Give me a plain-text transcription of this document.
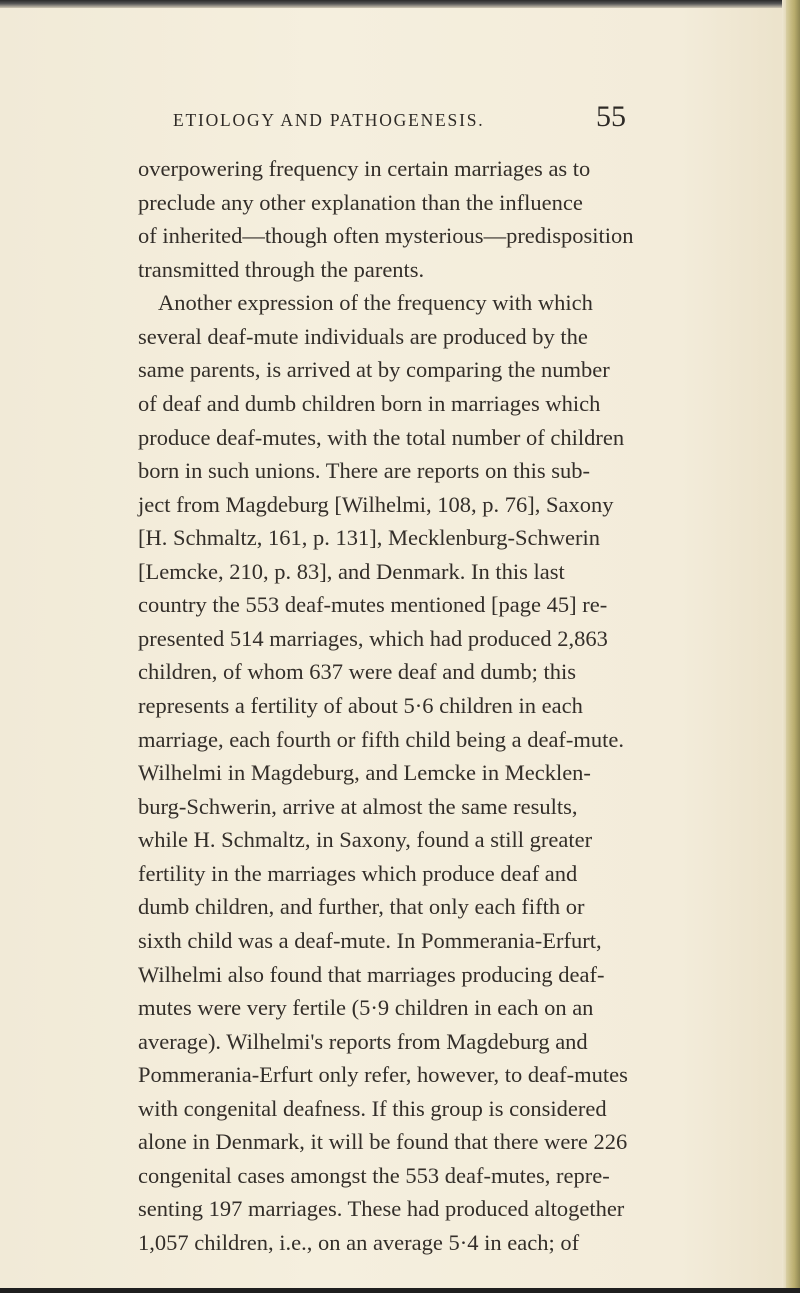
ETIOLOGY AND PATHOGENESIS.	55
overpowering frequency in certain marriages as to
preclude any other explanation than the influence
of inherited—though often mysterious—predisposition
transmitted through the parents.
Another expression of the frequency with which
several deaf-mute individuals are produced by the
same parents, is arrived at by comparing the number
of deaf and dumb children born in marriages which
produce deaf-mutes, with the total number of children
born in such unions. There are reports on this sub-
ject from Magdeburg [Wilhelmi, 108, p. 76], Saxony
[H. Schmaltz, 161, p. 131], Mecklenburg-Schwerin
[Lemcke, 210, p. 83], and Denmark. In this last
country the 553 deaf-mutes mentioned [page 45] re-
presented 514 marriages, which had produced 2,863
children, of whom 637 were deaf and dumb; this
represents a fertility of about 5·6 children in each
marriage, each fourth or fifth child being a deaf-mute.
Wilhelmi in Magdeburg, and Lemcke in Mecklen-
burg-Schwerin, arrive at almost the same results,
while H. Schmaltz, in Saxony, found a still greater
fertility in the marriages which produce deaf and
dumb children, and further, that only each fifth or
sixth child was a deaf-mute. In Pommerania-Erfurt,
Wilhelmi also found that marriages producing deaf-
mutes were very fertile (5·9 children in each on an
average). Wilhelmi's reports from Magdeburg and
Pommerania-Erfurt only refer, however, to deaf-mutes
with congenital deafness. If this group is considered
alone in Denmark, it will be found that there were 226
congenital cases amongst the 553 deaf-mutes, repre-
senting 197 marriages. These had produced altogether
1,057 children, i.e., on an average 5·4 in each; of
